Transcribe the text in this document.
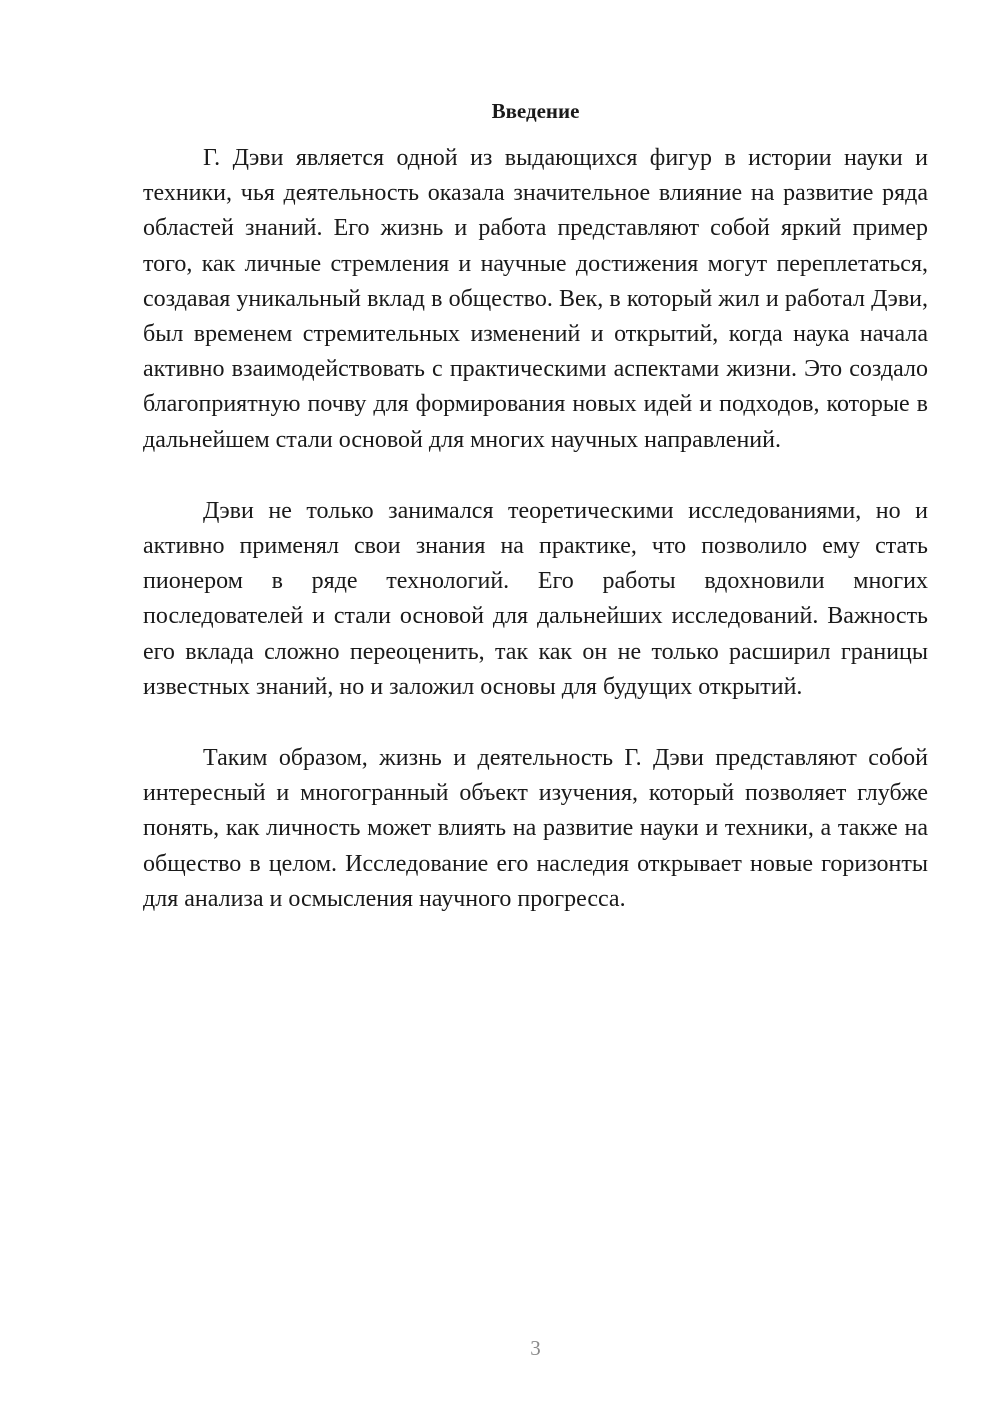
Введение

Г. Дэви является одной из выдающихся фигур в истории науки и техники, чья деятельность оказала значительное влияние на развитие ряда областей знаний. Его жизнь и работа представляют собой яркий пример того, как личные стремления и научные достижения могут переплетаться, создавая уникальный вклад в общество. Век, в который жил и работал Дэви, был временем стремительных изменений и открытий, когда наука начала активно взаимодействовать с практическими аспектами жизни. Это создало благоприятную почву для формирования новых идей и подходов, которые в дальнейшем стали основой для многих научных направлений.

Дэви не только занимался теоретическими исследованиями, но и активно применял свои знания на практике, что позволило ему стать пионером в ряде технологий. Его работы вдохновили многих последователей и стали основой для дальнейших исследований. Важность его вклада сложно переоценить, так как он не только расширил границы известных знаний, но и заложил основы для будущих открытий.

Таким образом, жизнь и деятельность Г. Дэви представляют собой интересный и многогранный объект изучения, который позволяет глубже понять, как личность может влиять на развитие науки и техники, а также на общество в целом. Исследование его наследия открывает новые горизонты для анализа и осмысления научного прогресса.

3
